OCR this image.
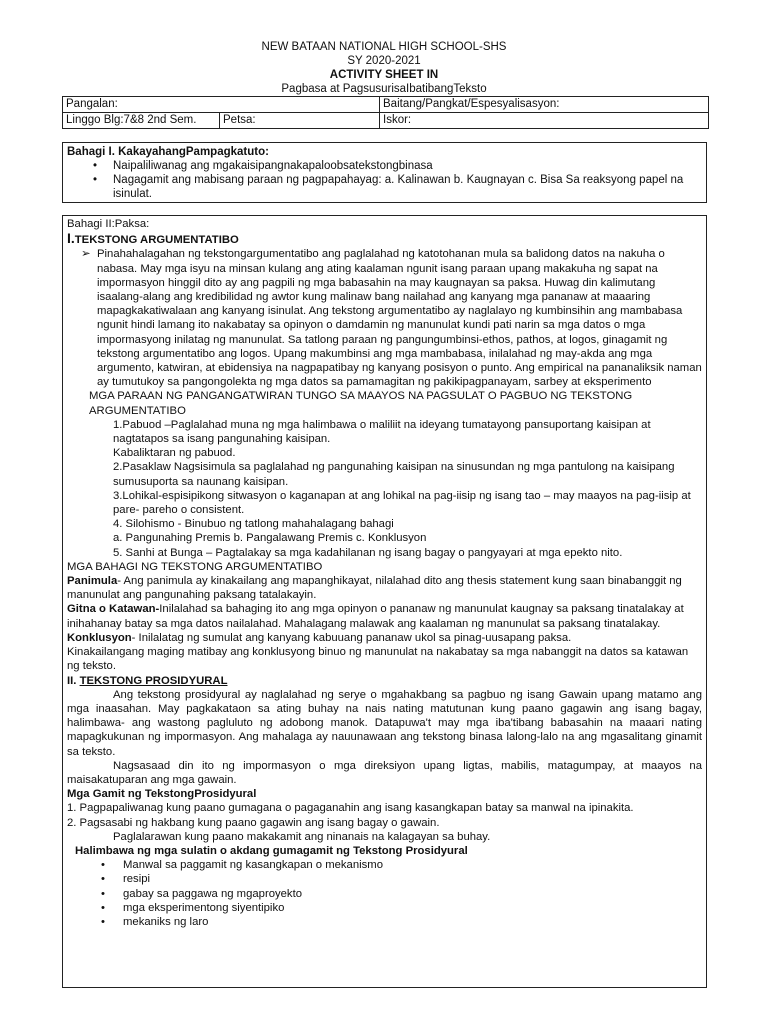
NEW BATAAN NATIONAL HIGH SCHOOL-SHS
SY 2020-2021
ACTIVITY SHEET IN
Pagbasa at PagsusurisaIbatibangTeksto
Pangalan:		Baitang/Pangkat/Espesyalisasyon:
Linggo Blg:7&8 2nd Sem.	Petsa:	Iskor:

Bahagi I. KakayahangPampagkatuto:

• Naipaliliwanag ang mgakaisipangnakapaloobsatekstongbinasa
• Nagagamit ang mabisang paraan ng pagpapahayag: a. Kalinawan b. Kaugnayan c. Bisa Sa reaksyong papel na isinulat.

Bahagi II:Paksa:

I.TEKSTONG ARGUMENTATIBO

➢ Pinahahalagahan ng tekstongargumentatibo ang paglalahad ng katotohanan mula sa balidong datos na nakuha o nabasa. May mga isyu na minsan kulang ang ating kaalaman ngunit isang paraan upang makakuha ng sapat na impormasyon hinggil dito ay ang pagpili ng mga babasahin na may kaugnayan sa paksa. Huwag din kalimutang isaalang-alang ang kredibilidad ng awtor kung malinaw bang nailahad ang kanyang mga pananaw at maaaring mapagkakatiwalaan ang kanyang isinulat. Ang tekstong argumentatibo ay naglalayo ng kumbinsihin ang mambabasa ngunit hindi lamang ito nakabatay sa opinyon o damdamin ng manunulat kundi pati narin sa mga datos o mga impormasyong inilatag ng manunulat. Sa tatlong paraan ng pangungumbinsi-ethos, pathos, at logos, ginagamit ng tekstong argumentatibo ang logos. Upang makumbinsi ang mga mambabasa, inilalahad ng may-akda ang mga argumento, katwiran, at ebidensiya na nagpapatibay ng kanyang posisyon o punto. Ang empirical na pananaliksik naman ay tumutukoy sa pangongolekta ng mga datos sa pamamagitan ng pakikipagpanayam, sarbey at eksperimento

MGA PARAAN NG PANGANGATWIRAN TUNGO SA MAAYOS NA PAGSULAT O PAGBUO NG TEKSTONG ARGUMENTATIBO

1.Pabuod –Paglalahad muna ng mga halimbawa o maliliit na ideyang tumatayong pansuportang kaisipan at nagtatapos sa isang pangunahing kaisipan.

Kabaliktaran ng pabuod.

2.Pasaklaw Nagsisimula sa paglalahad ng pangunahing kaisipan na sinusundan ng mga pantulong na kaisipang sumusuporta sa naunang kaisipan.

3.Lohikal-espisipikong sitwasyon o kaganapan at ang lohikal na pag-iisip ng isang tao – may maayos na pag-iisip at pare- pareho o consistent.

4. Silohismo - Binubuo ng tatlong mahahalagang bahagi

a. Pangunahing Premis b. Pangalawang Premis c. Konklusyon

5. Sanhi at Bunga – Pagtalakay sa mga kadahilanan ng isang bagay o pangyayari at mga epekto nito.

MGA BAHAGI NG TEKSTONG ARGUMENTATIBO

Panimula- Ang panimula ay kinakailang ang mapanghikayat, nilalahad dito ang thesis statement kung saan binabanggit ng manunulat ang pangunahing paksang tatalakayin.

Gitna o Katawan-Inilalahad sa bahaging ito ang mga opinyon o pananaw ng manunulat kaugnay sa paksang tinatalakay at inihahanay batay sa mga datos nailalahad. Mahalagang malawak ang kaalaman ng manunulat sa paksang tinatalakay.

Konklusyon- Inilalatag ng sumulat ang kanyang kabuuang pananaw ukol sa pinag-uusapang paksa.

Kinakailangang maging matibay ang konklusyong binuo ng manunulat na nakabatay sa mga nabanggit na datos sa katawan ng teksto.

II. TEKSTONG PROSIDYURAL

Ang tekstong prosidyural ay naglalahad ng serye o mgahakbang sa pagbuo ng isang Gawain upang matamo ang mga inaasahan. May pagkakataon sa ating buhay na nais nating matutunan kung paano gagawin ang isang bagay, halimbawa- ang wastong pagluluto ng adobong manok. Datapuwa't may mga iba'tibang babasahin na maaari nating mapagkukunan ng impormasyon. Ang mahalaga ay nauunawaan ang tekstong binasa lalong-lalo na ang mgasalitang ginamit sa teksto.

Nagsasaad din ito ng impormasyon o mga direksiyon upang ligtas, mabilis, matagumpay, at maayos na maisakatuparan ang mga gawain.

Mga Gamit ng TekstongProsidyural

1. Pagpapaliwanag kung paano gumagana o pagaganahin ang isang kasangkapan batay sa manwal na ipinakita.

2. Pagsasabi ng hakbang kung paano gagawin ang isang bagay o gawain.

Paglalarawan kung paano makakamit ang ninanais na kalagayan sa buhay.

Halimbawa ng mga sulatin o akdang gumagamit ng Tekstong Prosidyural

• Manwal sa paggamit ng kasangkapan o mekanismo
• resipi
• gabay sa paggawa ng mgaproyekto
• mga eksperimentong siyentipiko
• mekaniks ng laro
